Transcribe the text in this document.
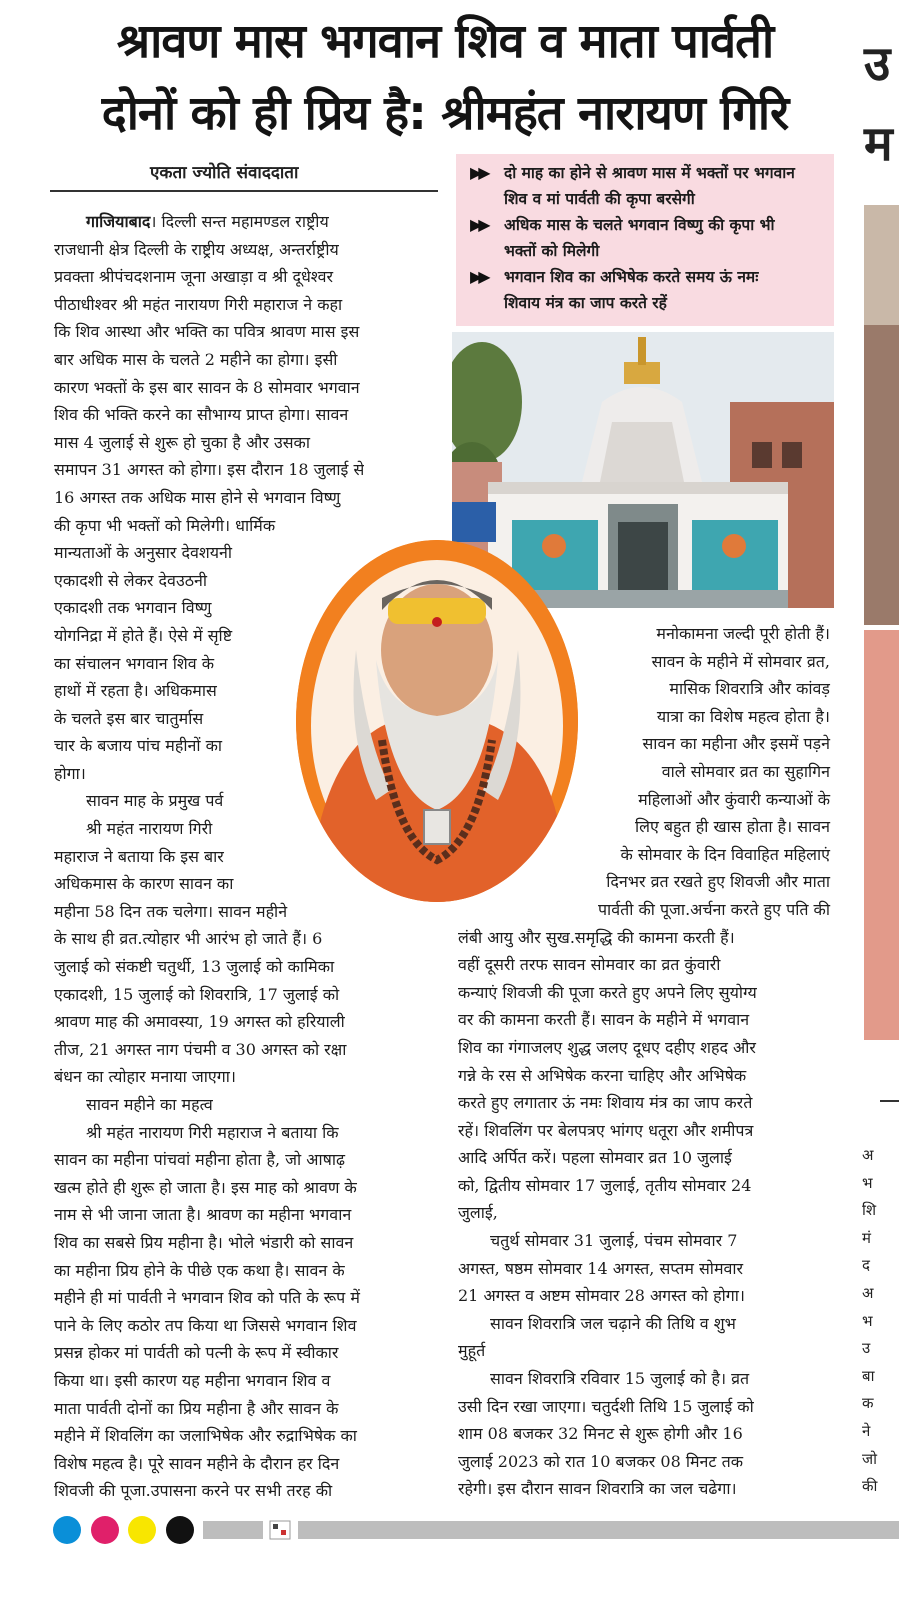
श्रावण मास भगवान शिव व माता पार्वती
दोनों को ही प्रिय है: श्रीमहंत नारायण गिरि
एकता ज्योति संवाददाता
गाजियाबाद। दिल्ली सन्त महामण्डल राष्ट्रीय
राजधानी क्षेत्र दिल्ली के राष्ट्रीय अध्यक्ष, अन्तर्राष्ट्रीय
प्रवक्ता श्रीपंचदशनाम जूना अखाड़ा व श्री दूधेश्वर
पीठाधीश्वर श्री महंत नारायण गिरी महाराज ने कहा
कि शिव आस्था और भक्ति का पवित्र श्रावण मास इस
बार अधिक मास के चलते 2 महीने का होगा। इसी
कारण भक्तों के इस बार सावन के 8 सोमवार भगवान
शिव की भक्ति करने का सौभाग्य प्राप्त होगा। सावन
मास 4 जुलाई से शुरू हो चुका है और उसका
समापन 31 अगस्त को होगा। इस दौरान 18 जुलाई से
16 अगस्त तक अधिक मास होने से भगवान विष्णु
की कृपा भी भक्तों को मिलेगी। धार्मिक
मान्यताओं के अनुसार देवशयनी
एकादशी से लेकर देवउठनी
एकादशी तक भगवान विष्णु
योगनिद्रा में होते हैं। ऐसे में सृष्टि
का संचालन भगवान शिव के
हाथों में रहता है। अधिकमास
के चलते इस बार चातुर्मास
चार के बजाय पांच महीनों का
होगा।
सावन माह के प्रमुख पर्व
श्री महंत नारायण गिरी
महाराज ने बताया कि इस बार
अधिकमास के कारण सावन का
महीना 58 दिन तक चलेगा। सावन महीने
के साथ ही व्रत.त्योहार भी आरंभ हो जाते हैं। 6
जुलाई को संकष्टी चतुर्थी, 13 जुलाई को कामिका
एकादशी, 15 जुलाई को शिवरात्रि, 17 जुलाई को
श्रावण माह की अमावस्या, 19 अगस्त को हरियाली
तीज, 21 अगस्त नाग पंचमी व 30 अगस्त को रक्षा
बंधन का त्योहार मनाया जाएगा।
सावन महीने का महत्व
श्री महंत नारायण गिरी महाराज ने बताया कि
सावन का महीना पांचवां महीना होता है, जो आषाढ़
खत्म होते ही शुरू हो जाता है। इस माह को श्रावण के
नाम से भी जाना जाता है। श्रावण का महीना भगवान
शिव का सबसे प्रिय महीना है। भोले भंडारी को सावन
का महीना प्रिय होने के पीछे एक कथा है। सावन के
महीने ही मां पार्वती ने भगवान शिव को पति के रूप में
पाने के लिए कठोर तप किया था जिससे भगवान शिव
प्रसन्न होकर मां पार्वती को पत्नी के रूप में स्वीकार
किया था। इसी कारण यह महीना भगवान शिव व
माता पार्वती दोनों का प्रिय महीना है और सावन के
महीने में शिवलिंग का जलाभिषेक और रुद्राभिषेक का
विशेष महत्व है। पूरे सावन महीने के दौरान हर दिन
शिवजी की पूजा.उपासना करने पर सभी तरह की
▶▶ दो माह का होने से श्रावण मास में भक्तों पर भगवान
शिव व मां पार्वती की कृपा बरसेगी
▶▶ अधिक मास के चलते भगवान विष्णु की कृपा भी
भक्तों को मिलेगी
▶▶ भगवान शिव का अभिषेक करते समय ऊं नमः
शिवाय मंत्र का जाप करते रहें
मनोकामना जल्दी पूरी होती हैं।
सावन के महीने में सोमवार व्रत,
मासिक शिवरात्रि और कांवड़
यात्रा का विशेष महत्व होता है।
सावन का महीना और इसमें पड़ने
वाले सोमवार व्रत का सुहागिन
महिलाओं और कुंवारी कन्याओं के
लिए बहुत ही खास होता है। सावन
के सोमवार के दिन विवाहित महिलाएं
दिनभर व्रत रखते हुए शिवजी और माता
पार्वती की पूजा.अर्चना करते हुए पति की
लंबी आयु और सुख.समृद्धि की कामना करती हैं।
वहीं दूसरी तरफ सावन सोमवार का व्रत कुंवारी
कन्याएं शिवजी की पूजा करते हुए अपने लिए सुयोग्य
वर की कामना करती हैं। सावन के महीने में भगवान
शिव का गंगाजलए शुद्ध जलए दूधए दहीए शहद और
गन्ने के रस से अभिषेक करना चाहिए और अभिषेक
करते हुए लगातार ऊं नमः शिवाय मंत्र का जाप करते
रहें। शिवलिंग पर बेलपत्रए भांगए धतूरा और शमीपत्र
आदि अर्पित करें। पहला सोमवार व्रत 10 जुलाई
को, द्वितीय सोमवार 17 जुलाई, तृतीय सोमवार 24
जुलाई,
चतुर्थ सोमवार 31 जुलाई, पंचम सोमवार 7
अगस्त, षष्ठम सोमवार 14 अगस्त, सप्तम सोमवार
21 अगस्त व अष्टम सोमवार 28 अगस्त को होगा।
सावन शिवरात्रि जल चढ़ाने की तिथि व शुभ
मुहूर्त
सावन शिवरात्रि रविवार 15 जुलाई को है। व्रत
उसी दिन रखा जाएगा। चतुर्दशी तिथि 15 जुलाई को
शाम 08 बजकर 32 मिनट से शुरू होगी और 16
जुलाई 2023 को रात 10 बजकर 08 मिनट तक
रहेगी। इस दौरान सावन शिवरात्रि का जल चढेगा।
उ
म
अ
भ
शि
मं
द
अ
भ
उ
बा
क
ने
जो
की
